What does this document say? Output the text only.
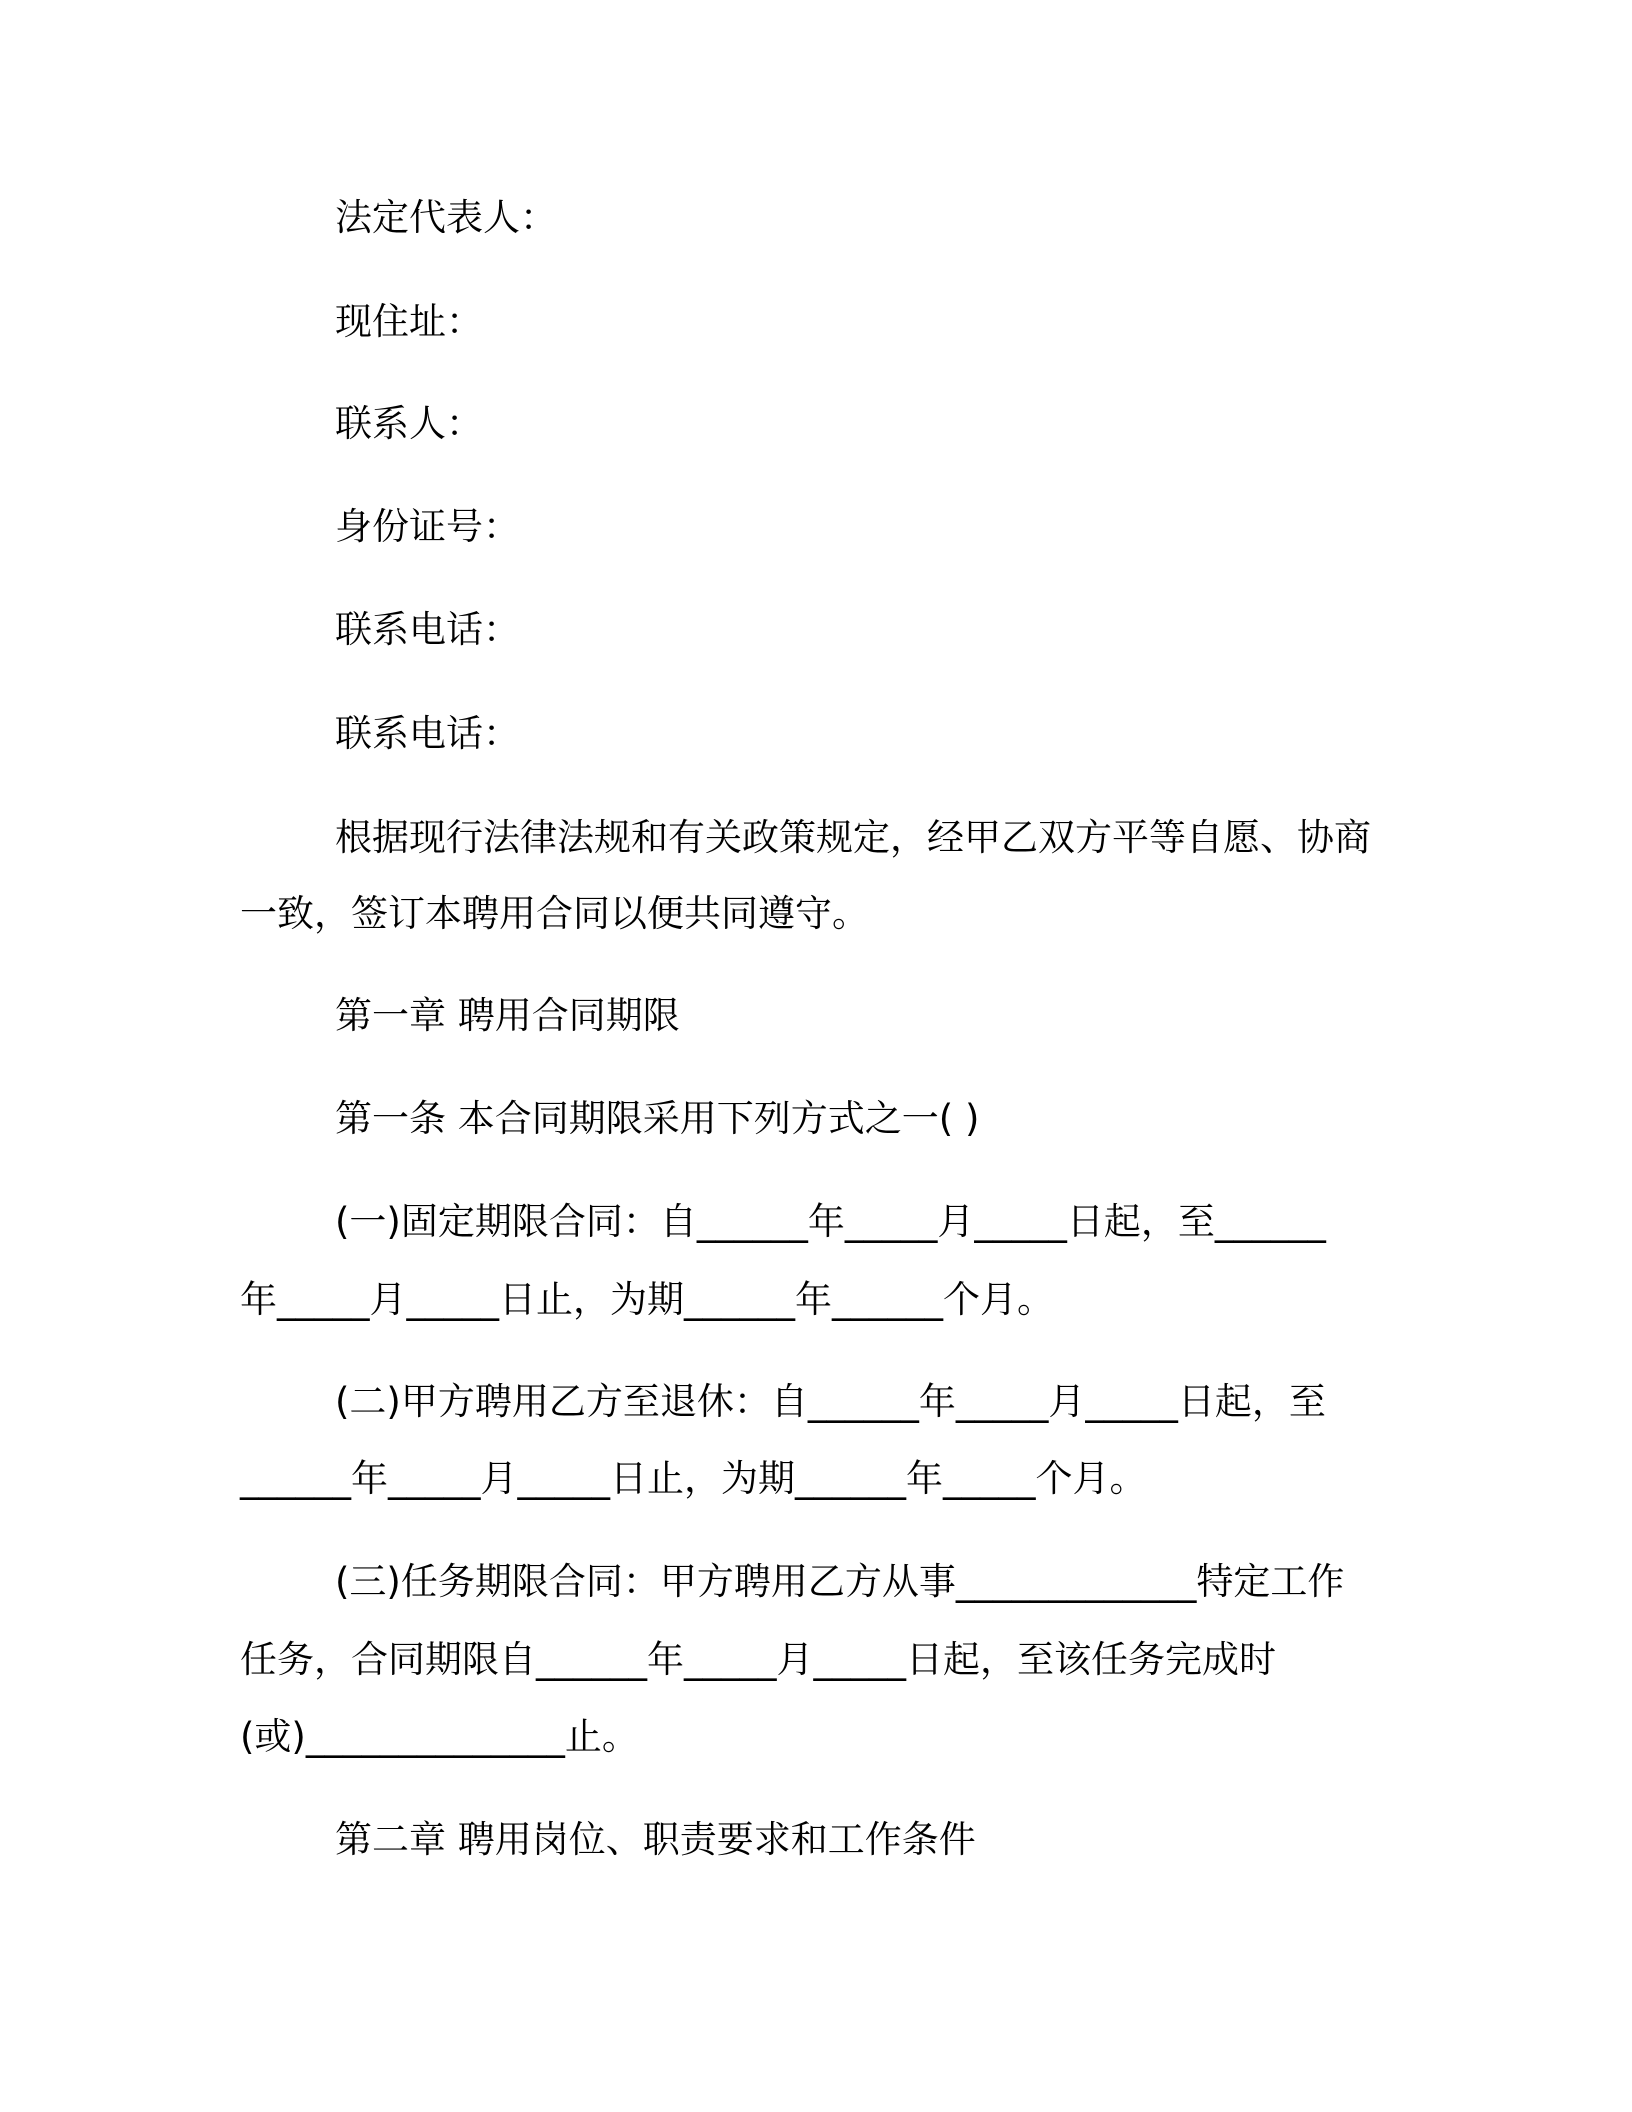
法定代表人：
现住址：
联系人：
身份证号：
联系电话：
联系电话：
根据现行法律法规和有关政策规定，经甲乙双方平等自愿、协商
一致，签订本聘用合同以便共同遵守。
第一章 聘用合同期限
第一条 本合同期限采用下列方式之一( )
(一)固定期限合同：自______年_____月_____日起，至______
年_____月_____日止，为期______年______个月。
(二)甲方聘用乙方至退休：自______年_____月_____日起，至
______年_____月_____日止，为期______年_____个月。
(三)任务期限合同：甲方聘用乙方从事_____________特定工作
任务，合同期限自______年_____月_____日起，至该任务完成时
(或)______________止。
第二章 聘用岗位、职责要求和工作条件
